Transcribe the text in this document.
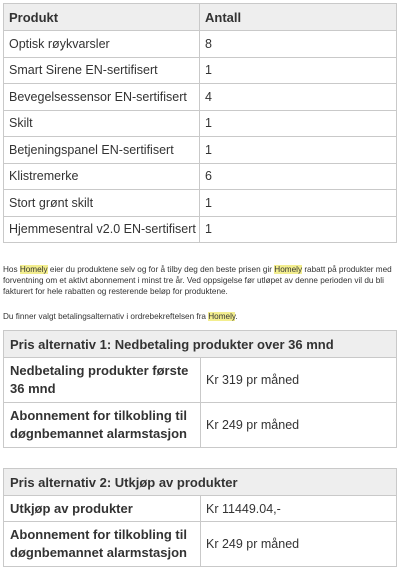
Produkt	Antall
Optisk røykvarsler	8
Smart Sirene EN-sertifisert	1
Bevegelsessensor EN-sertifisert	4
Skilt	1
Betjeningspanel EN-sertifisert	1
Klistremerke	6
Stort grønt skilt	1
Hjemmesentral v2.0 EN-sertifisert	1

Hos Homely eier du produktene selv og for å tilby deg den beste prisen gir Homely rabatt på produkter med forventning om et aktivt abonnement i minst tre år. Ved oppsigelse før utløpet av denne perioden vil du bli fakturert for hele rabatten og resterende beløp for produktene.

Du finner valgt betalingsalternativ i ordrebekreftelsen fra Homely.

Pris alternativ 1: Nedbetaling produkter over 36 mnd	
Nedbetaling produkter første 36 mnd	Kr 319 pr måned
Abonnement for tilkobling til døgnbemannet alarmstasjon	Kr 249 pr måned
Pris alternativ 2: Utkjøp av produkter	
Utkjøp av produkter	Kr 11449.04,-
Abonnement for tilkobling til døgnbemannet alarmstasjon	Kr 249 pr måned
